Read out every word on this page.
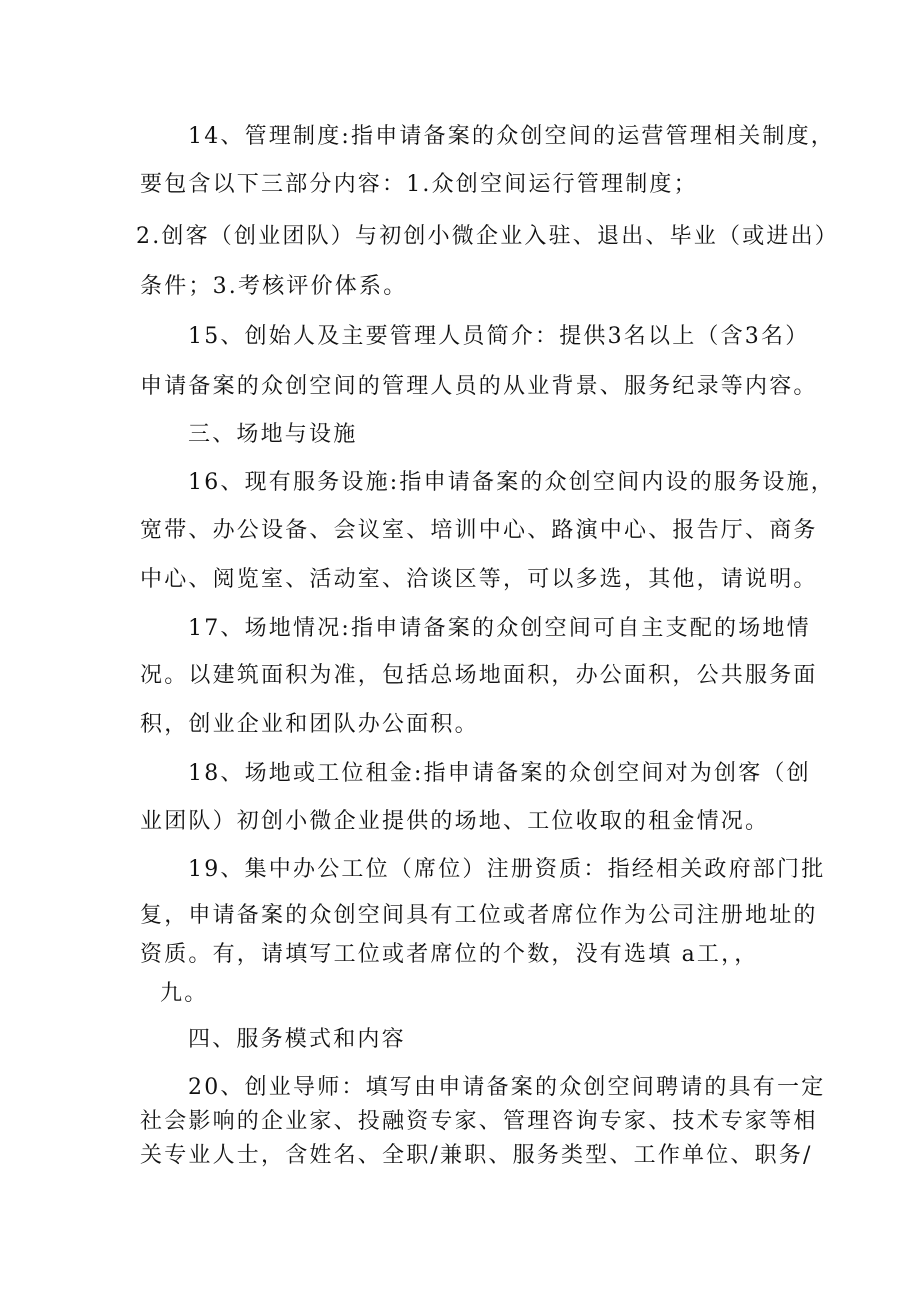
14、管理制度:指申请备案的众创空间的运营管理相关制度，

要包含以下三部分内容：1.众创空间运行管理制度；

2.创客（创业团队）与初创小微企业入驻、退出、毕业（或进出）

条件；3.考核评价体系。

15、创始人及主要管理人员简介：提供3名以上（含3名）

申请备案的众创空间的管理人员的从业背景、服务纪录等内容。

三、场地与设施

16、现有服务设施:指申请备案的众创空间内设的服务设施，

宽带、办公设备、会议室、培训中心、路演中心、报告厅、商务

中心、阅览室、活动室、洽谈区等，可以多选，其他，请说明。

17、场地情况:指申请备案的众创空间可自主支配的场地情

况。以建筑面积为准，包括总场地面积，办公面积，公共服务面

积，创业企业和团队办公面积。

18、场地或工位租金:指申请备案的众创空间对为创客（创

业团队）初创小微企业提供的场地、工位收取的租金情况。

19、集中办公工位（席位）注册资质：指经相关政府部门批

复，申请备案的众创空间具有工位或者席位作为公司注册地址的

资质。有，请填写工位或者席位的个数，没有选填 a工，，

九。

四、服务模式和内容

20、创业导师：填写由申请备案的众创空间聘请的具有一定

社会影响的企业家、投融资专家、管理咨询专家、技术专家等相

关专业人士，含姓名、全职/兼职、服务类型、工作单位、职务/
